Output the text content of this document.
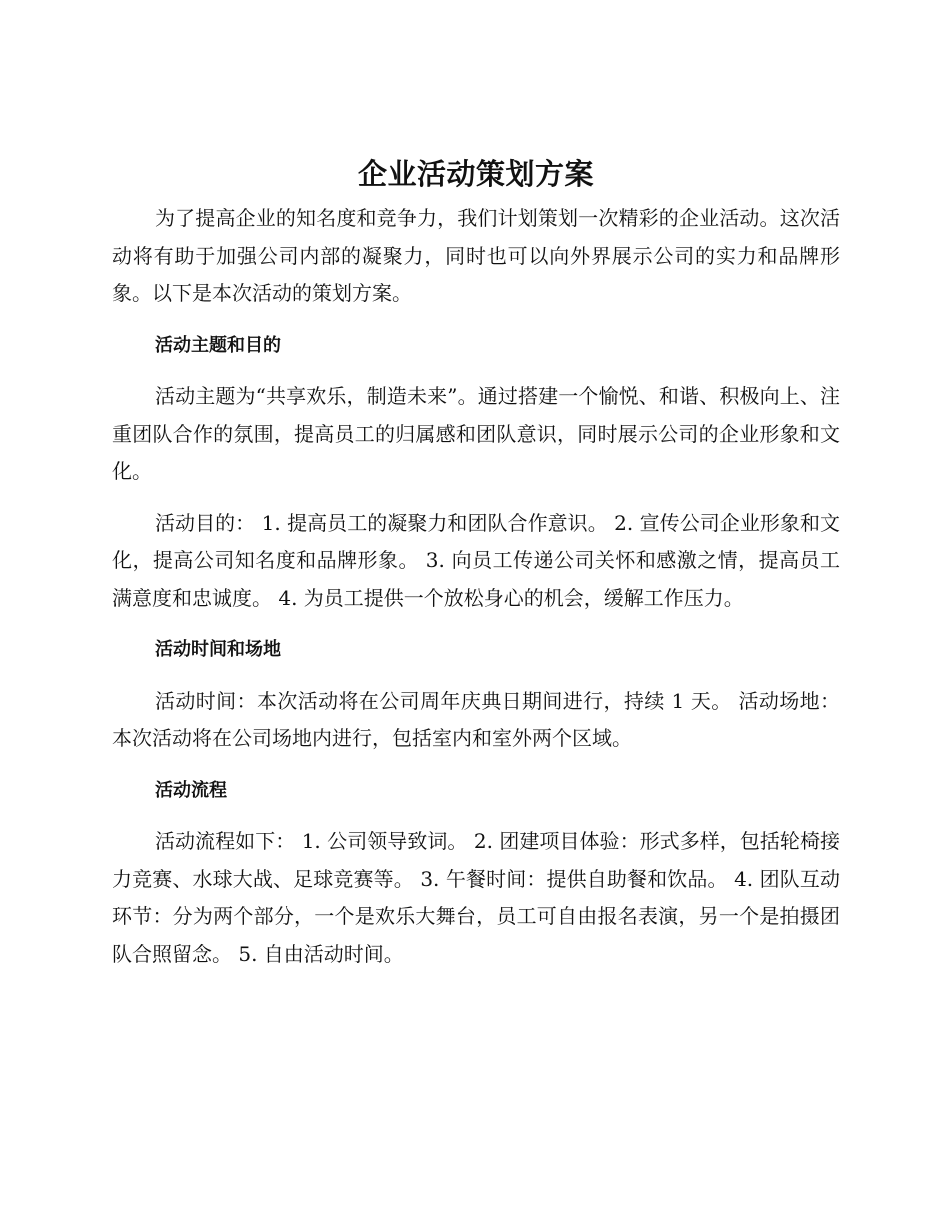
企业活动策划方案

为了提高企业的知名度和竞争力，我们计划策划一次精彩的企业活动。这次活动将有助于加强公司内部的凝聚力，同时也可以向外界展示公司的实力和品牌形象。以下是本次活动的策划方案。

活动主题和目的

活动主题为“共享欢乐，制造未来”。通过搭建一个愉悦、和谐、积极向上、注重团队合作的氛围，提高员工的归属感和团队意识，同时展示公司的企业形象和文化。

活动目的： 1. 提高员工的凝聚力和团队合作意识。 2. 宣传公司企业形象和文化，提高公司知名度和品牌形象。 3. 向员工传递公司关怀和感激之情，提高员工满意度和忠诚度。 4. 为员工提供一个放松身心的机会，缓解工作压力。

活动时间和场地

活动时间：本次活动将在公司周年庆典日期间进行，持续 1 天。 活动场地：本次活动将在公司场地内进行，包括室内和室外两个区域。

活动流程

活动流程如下： 1. 公司领导致词。 2. 团建项目体验：形式多样，包括轮椅接力竞赛、水球大战、足球竞赛等。 3. 午餐时间：提供自助餐和饮品。 4. 团队互动环节：分为两个部分，一个是欢乐大舞台，员工可自由报名表演，另一个是拍摄团队合照留念。 5. 自由活动时间。
